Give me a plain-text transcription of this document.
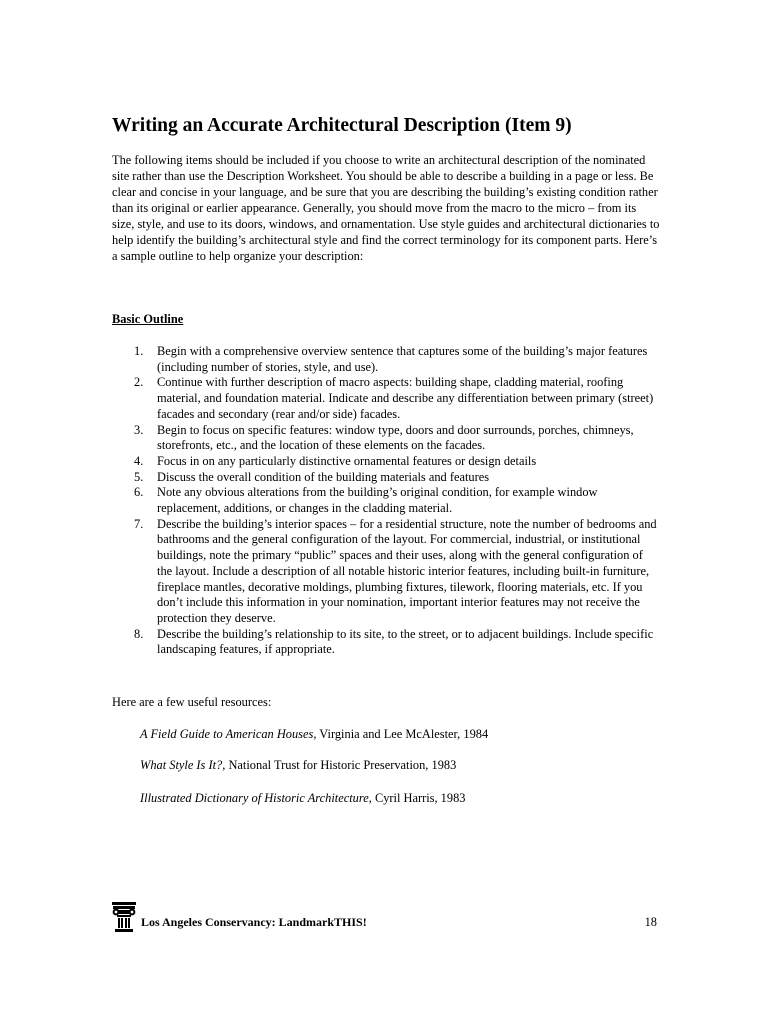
Writing an Accurate Architectural Description (Item 9)

The following items should be included if you choose to write an architectural description of the nominated site rather than use the Description Worksheet. You should be able to describe a building in a page or less. Be clear and concise in your language, and be sure that you are describing the building’s existing condition rather than its original or earlier appearance. Generally, you should move from the macro to the micro – from its size, style, and use to its doors, windows, and ornamentation. Use style guides and architectural dictionaries to help identify the building’s architectural style and find the correct terminology for its component parts. Here’s a sample outline to help organize your description:

Basic Outline

1. Begin with a comprehensive overview sentence that captures some of the building’s major features (including number of stories, style, and use).
2. Continue with further description of macro aspects: building shape, cladding material, roofing material, and foundation material. Indicate and describe any differentiation between primary (street) facades and secondary (rear and/or side) facades.
3. Begin to focus on specific features: window type, doors and door surrounds, porches, chimneys, storefronts, etc., and the location of these elements on the facades.
4. Focus in on any particularly distinctive ornamental features or design details
5. Discuss the overall condition of the building materials and features
6. Note any obvious alterations from the building’s original condition, for example window replacement, additions, or changes in the cladding material.
7. Describe the building’s interior spaces – for a residential structure, note the number of bedrooms and bathrooms and the general configuration of the layout. For commercial, industrial, or institutional buildings, note the primary “public” spaces and their uses, along with the general configuration of the layout. Include a description of all notable historic interior features, including built-in furniture, fireplace mantles, decorative moldings, plumbing fixtures, tilework, flooring materials, etc. If you don’t include this information in your nomination, important interior features may not receive the protection they deserve.
8. Describe the building’s relationship to its site, to the street, or to adjacent buildings. Include specific landscaping features, if appropriate.

Here are a few useful resources:

A Field Guide to American Houses, Virginia and Lee McAlester, 1984

What Style Is It?, National Trust for Historic Preservation, 1983

Illustrated Dictionary of Historic Architecture, Cyril Harris, 1983

Los Angeles Conservancy: LandmarkTHIS!	18
